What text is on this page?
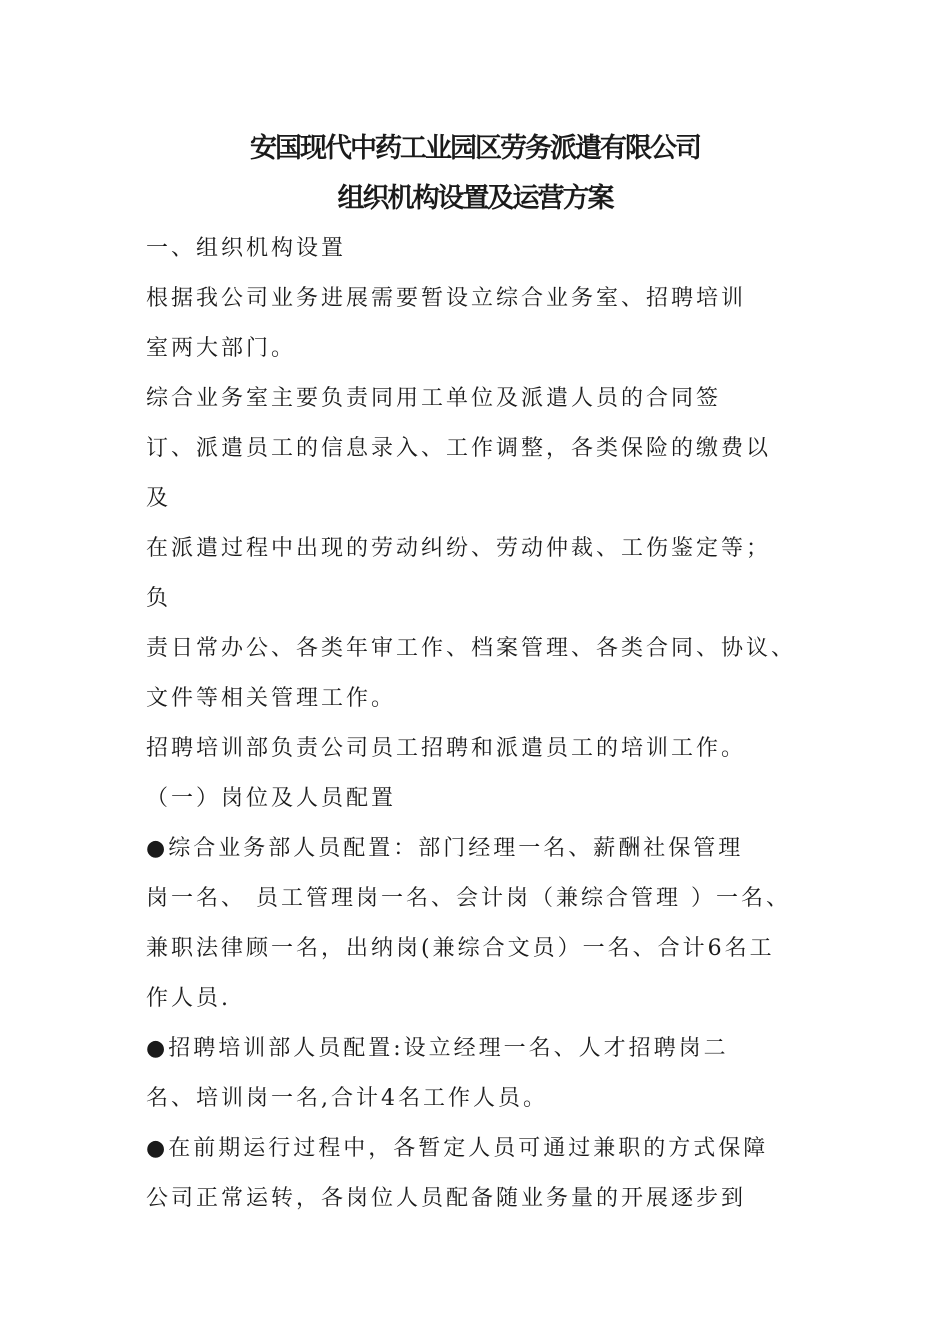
安国现代中药工业园区劳务派遣有限公司
组织机构设置及运营方案
一、组织机构设置
根据我公司业务进展需要暂设立综合业务室、招聘培训
室两大部门。
综合业务室主要负责同用工单位及派遣人员的合同签
订、派遣员工的信息录入、工作调整，各类保险的缴费以
及
在派遣过程中出现的劳动纠纷、劳动仲裁、工伤鉴定等；
负
责日常办公、各类年审工作、档案管理、各类合同、协议、
文件等相关管理工作。
招聘培训部负责公司员工招聘和派遣员工的培训工作。
（一）岗位及人员配置
●综合业务部人员配置：部门经理一名、薪酬社保管理
岗一名、 员工管理岗一名、会计岗（兼综合管理 ）一名、
兼职法律顾一名，出纳岗(兼综合文员）一名、合计6名工
作人员.
●招聘培训部人员配置:设立经理一名、人才招聘岗二
名、培训岗一名,合计4名工作人员。
●在前期运行过程中，各暂定人员可通过兼职的方式保障
公司正常运转，各岗位人员配备随业务量的开展逐步到
